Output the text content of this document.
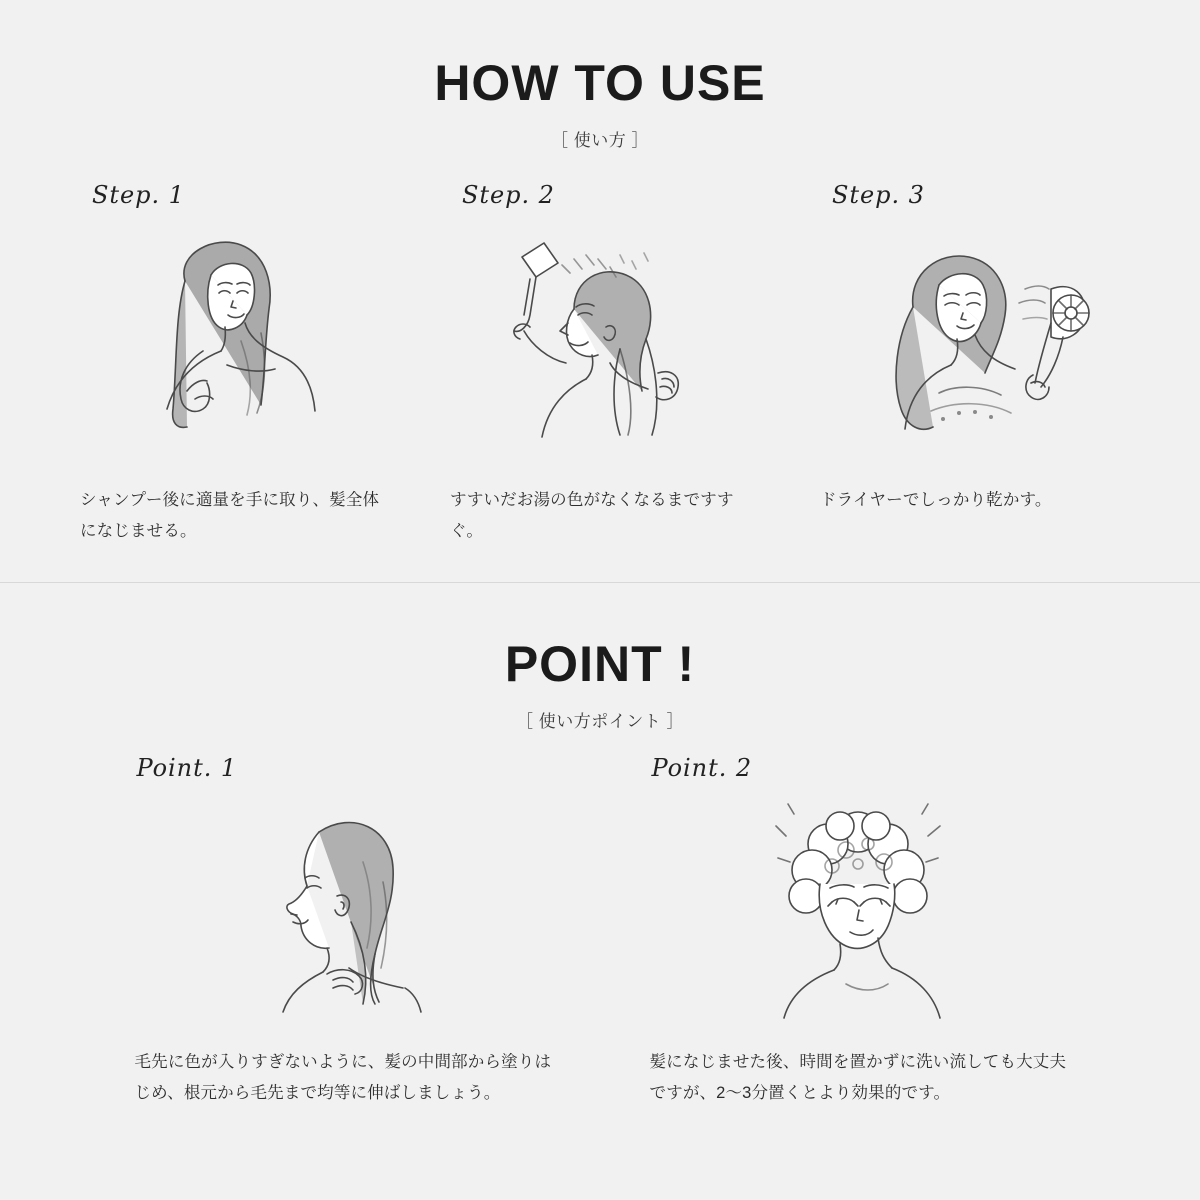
HOW TO USE
［ 使い方 ］
Step. 1
シャンプー後に適量を手に取り、髪全体になじませる。
Step. 2
すすいだお湯の色がなくなるまですすぐ。
Step. 3
ドライヤーでしっかり乾かす。
POINT !
［ 使い方ポイント ］
Point. 1
毛先に色が入りすぎないように、髪の中間部から塗りはじめ、根元から毛先まで均等に伸ばしましょう。
Point. 2
髪になじませた後、時間を置かずに洗い流しても大丈夫ですが、2〜3分置くとより効果的です。
